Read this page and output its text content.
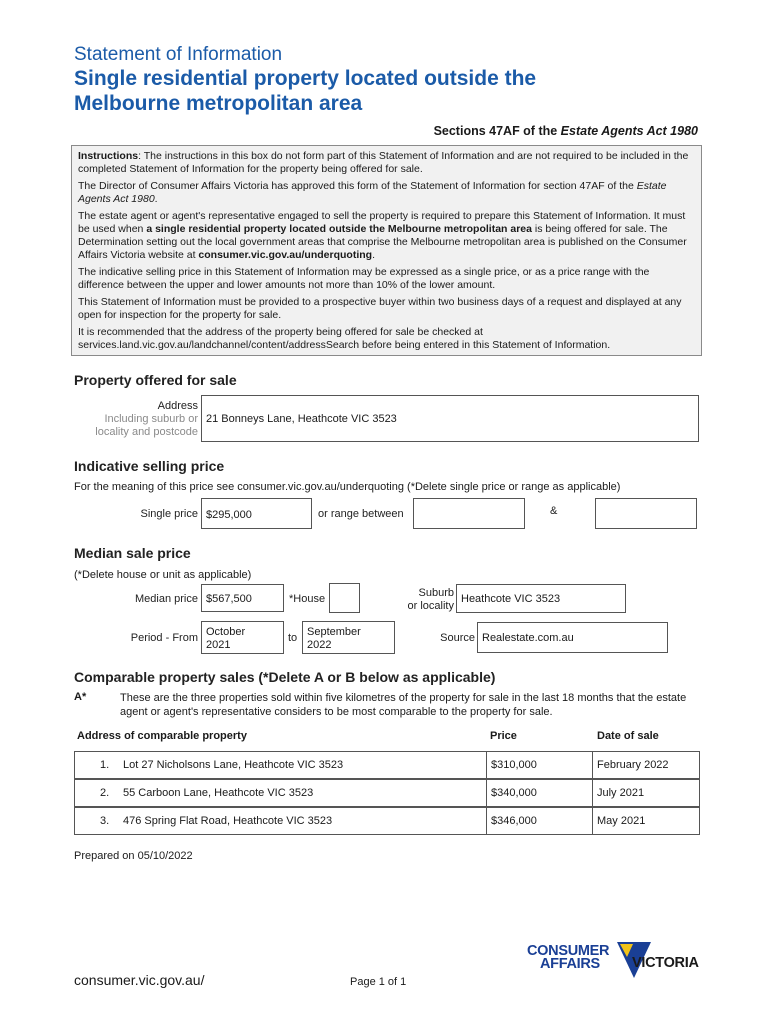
Statement of Information
Single residential property located outside the
Melbourne metropolitan area
Sections 47AF of the Estate Agents Act 1980

Instructions: The instructions in this box do not form part of this Statement of Information and are not required to be included in the completed Statement of Information for the property being offered for sale.

The Director of Consumer Affairs Victoria has approved this form of the Statement of Information for section 47AF of the Estate Agents Act 1980.

The estate agent or agent's representative engaged to sell the property is required to prepare this Statement of Information. It must be used when a single residential property located outside the Melbourne metropolitan area is being offered for sale. The Determination setting out the local government areas that comprise the Melbourne metropolitan area is published on the Consumer Affairs Victoria website at consumer.vic.gov.au/underquoting.

The indicative selling price in this Statement of Information may be expressed as a single price, or as a price range with the difference between the upper and lower amounts not more than 10% of the lower amount.

This Statement of Information must be provided to a prospective buyer within two business days of a request and displayed at any open for inspection for the property for sale.

It is recommended that the address of the property being offered for sale be checked at services.land.vic.gov.au/landchannel/content/addressSearch before being entered in this Statement of Information.

Property offered for sale
Address
Including suburb or
locality and postcode
21 Bonneys Lane, Heathcote VIC 3523
Indicative selling price
For the meaning of this price see consumer.vic.gov.au/underquoting (*Delete single price or range as applicable)
Single price $295,000	or range between	&
Median sale price
(*Delete house or unit as applicable)
Median price $567,500	*House	Suburb
or locality
Heathcote VIC 3523
Period - From October
2021
to September
2022
Source Realestate.com.au
Comparable property sales (*Delete A or B below as applicable)
A*	These are the three properties sold within five kilometres of the property for sale in the last 18 months that the estate agent or agent's representative considers to be most comparable to the property for sale.
Address of comparable property	Price	Date of sale
1. Lot 27 Nicholsons Lane, Heathcote VIC 3523	$310,000	February 2022
2. 55 Carboon Lane, Heathcote VIC 3523	$340,000	July 2021
3. 476 Spring Flat Road, Heathcote VIC 3523	$346,000	May 2021
Prepared on 05/10/2022
consumer.vic.gov.au/	Page 1 of 1
CONSUMER
AFFAIRS VICTORIA
